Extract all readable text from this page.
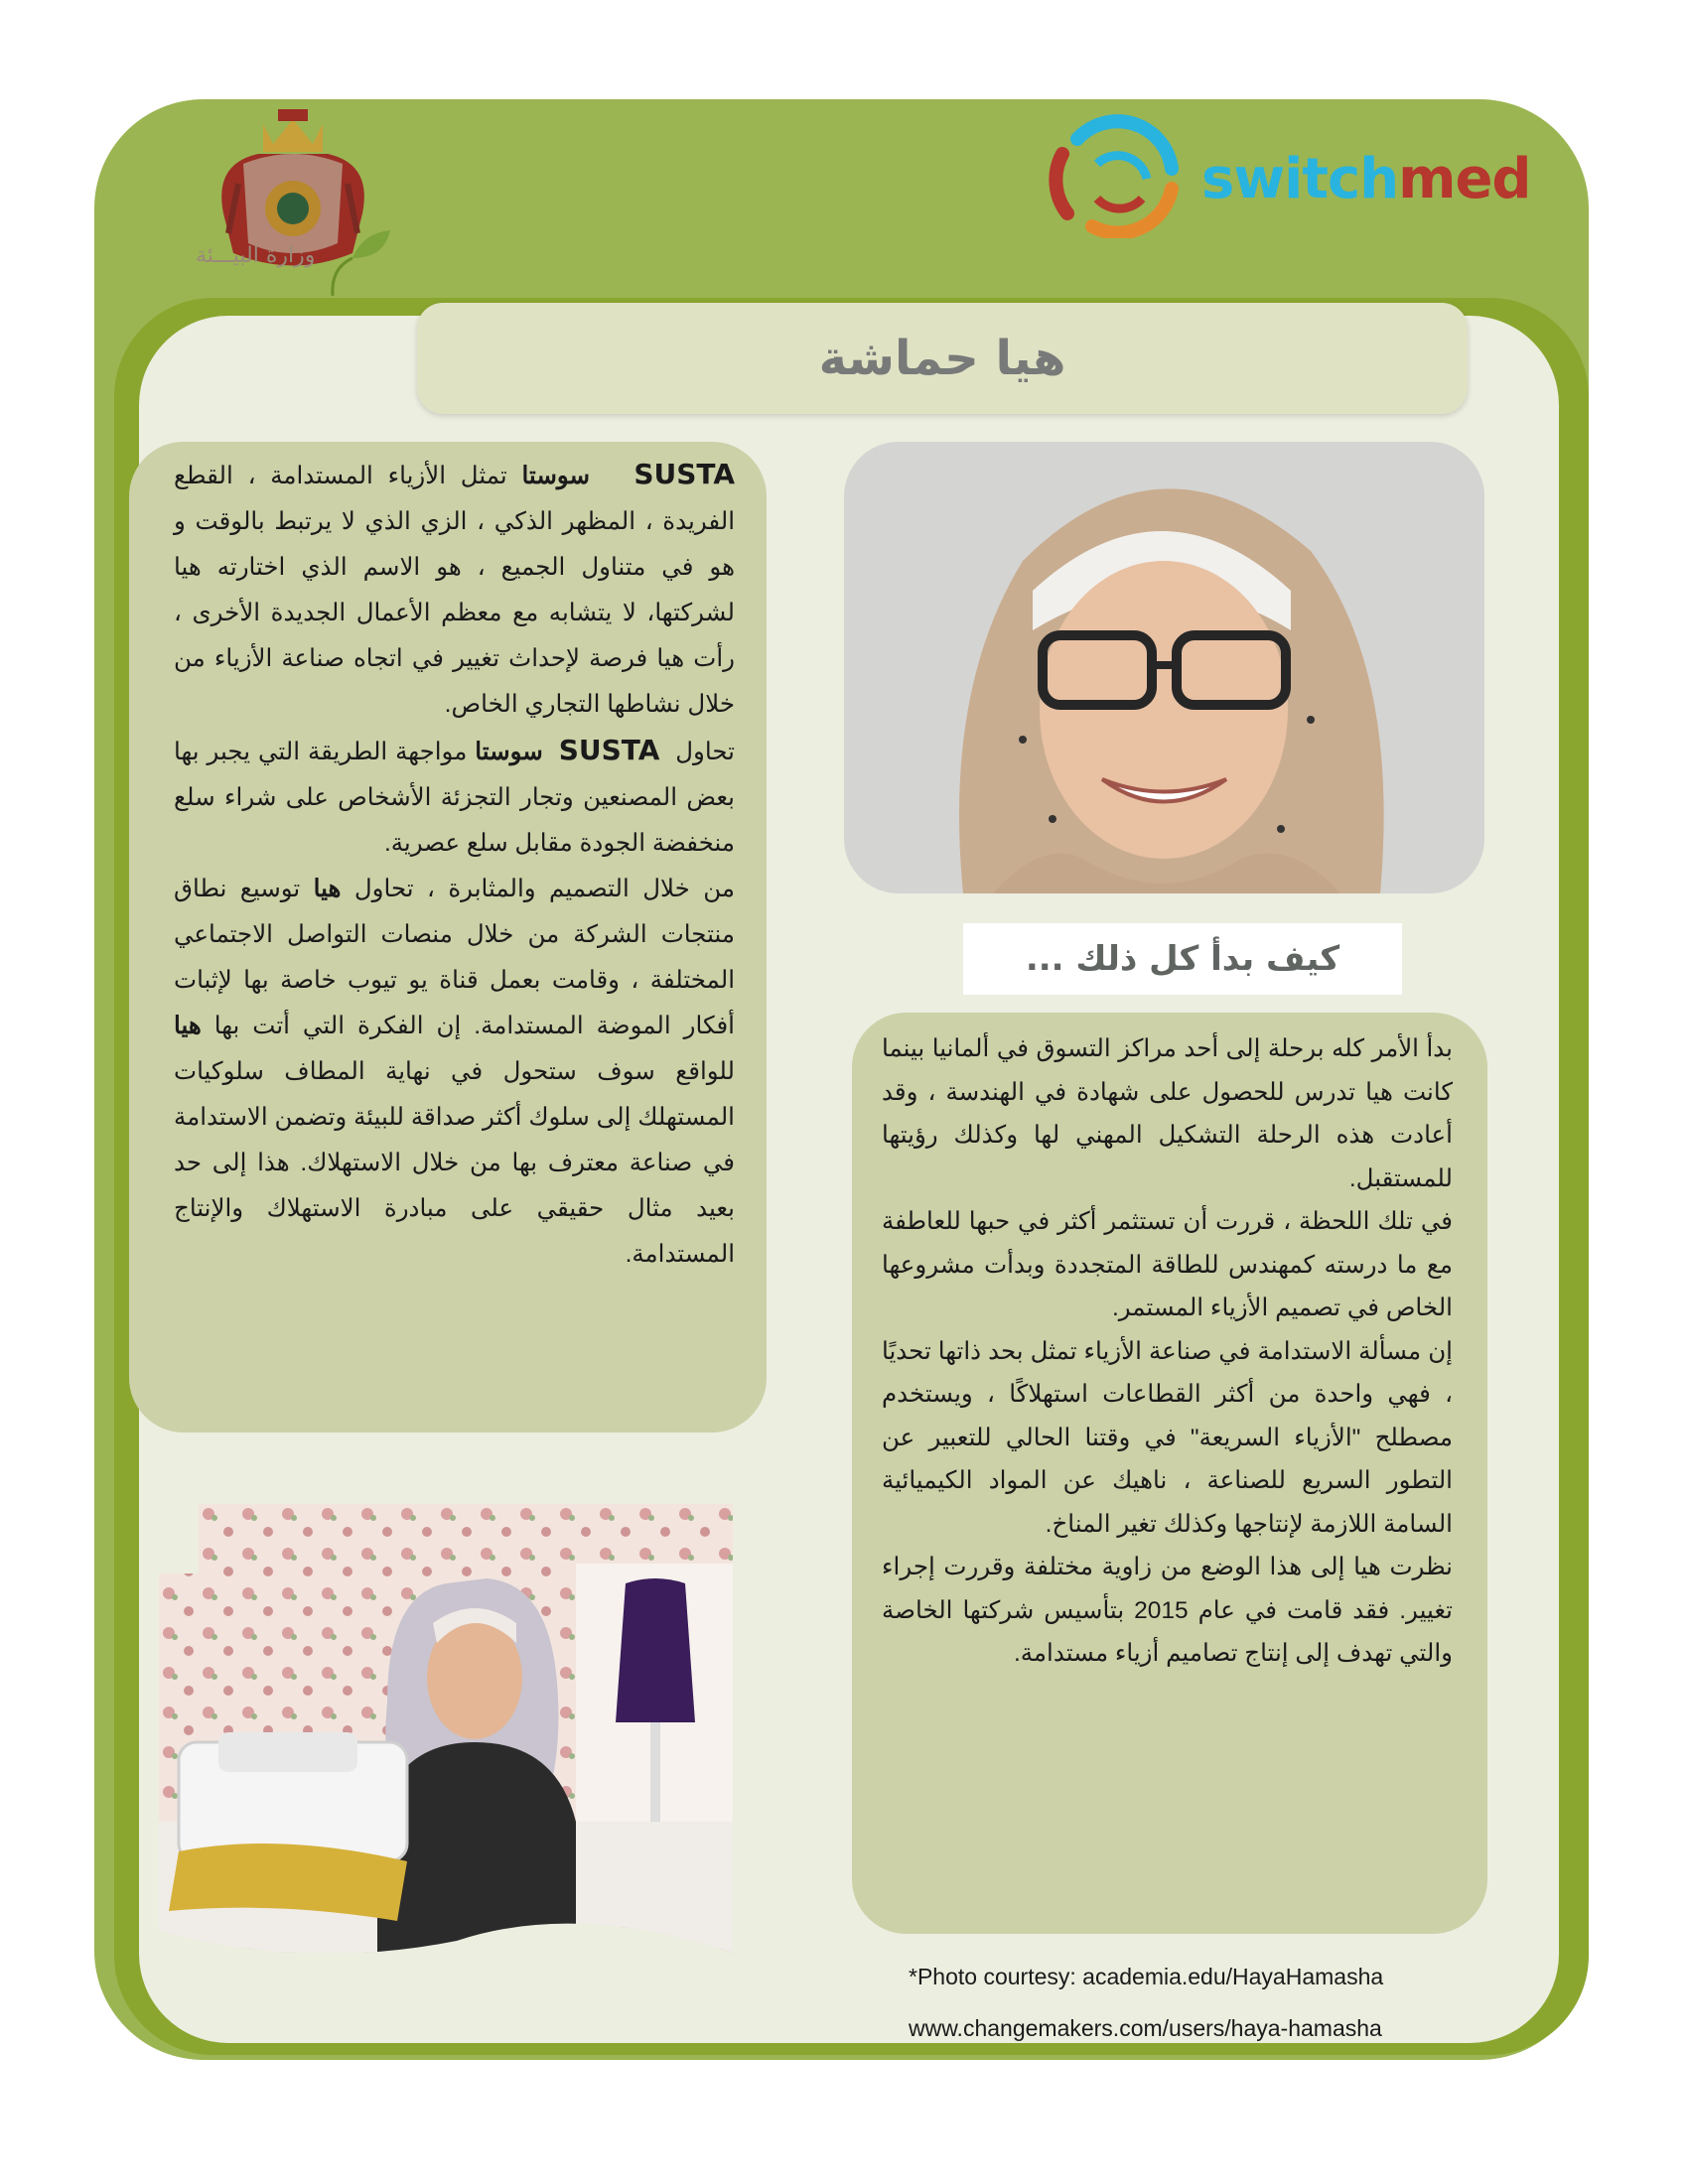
وزارة البيـــئة
switchmed
هيا حماشة

SUSTA   سوستا تمثل الأزياء المستدامة ، القطع الفريدة ، المظهر الذكي ، الزي الذي لا يرتبط بالوقت و هو في متناول الجميع ، هو الاسم الذي اختارته هيا لشركتها، لا يتشابه مع معظم الأعمال الجديدة الأخرى ، رأت هيا فرصة لإحداث تغيير في اتجاه صناعة الأزياء من خلال نشاطها التجاري الخاص.

تحاول  SUSTA  سوستا مواجهة الطريقة التي يجبر بها بعض المصنعين وتجار التجزئة الأشخاص على شراء سلع منخفضة الجودة مقابل سلع عصرية.

من خلال التصميم والمثابرة ، تحاول هيا توسيع نطاق منتجات الشركة من خلال منصات التواصل الاجتماعي المختلفة ، وقامت بعمل قناة يو تيوب خاصة بها لإثبات أفكار الموضة المستدامة. إن الفكرة التي أتت بها هيا للواقع سوف ستحول في نهاية المطاف سلوكيات المستهلك إلى سلوك أكثر صداقة للبيئة وتضمن الاستدامة في صناعة معترف بها من خلال الاستهلاك. هذا إلى حد بعيد مثال حقيقي على مبادرة الاستهلاك والإنتاج المستدامة.

كيف بدأ كل ذلك ...

بدأ الأمر كله برحلة إلى أحد مراكز التسوق في ألمانيا بينما كانت هيا تدرس للحصول على شهادة في الهندسة ، وقد أعادت هذه الرحلة التشكيل المهني لها وكذلك رؤيتها للمستقبل.

في تلك اللحظة ، قررت أن تستثمر أكثر في حبها للعاطفة مع ما درسته كمهندس للطاقة المتجددة وبدأت مشروعها الخاص في تصميم الأزياء المستمر.

إن مسألة الاستدامة في صناعة الأزياء تمثل بحد ذاتها تحديًا ، فهي واحدة من أكثر القطاعات استهلاكًا ، ويستخدم مصطلح "الأزياء السريعة" في وقتنا الحالي للتعبير عن التطور السريع للصناعة ، ناهيك عن المواد الكيميائية السامة اللازمة لإنتاجها وكذلك تغير المناخ.

نظرت هيا إلى هذا الوضع من زاوية مختلفة وقررت إجراء تغيير. فقد قامت في عام 2015 بتأسيس شركتها الخاصة والتي تهدف إلى إنتاج تصاميم أزياء مستدامة.

*Photo courtesy: academia.edu/HayaHamasha
www.changemakers.com/users/haya-hamasha
